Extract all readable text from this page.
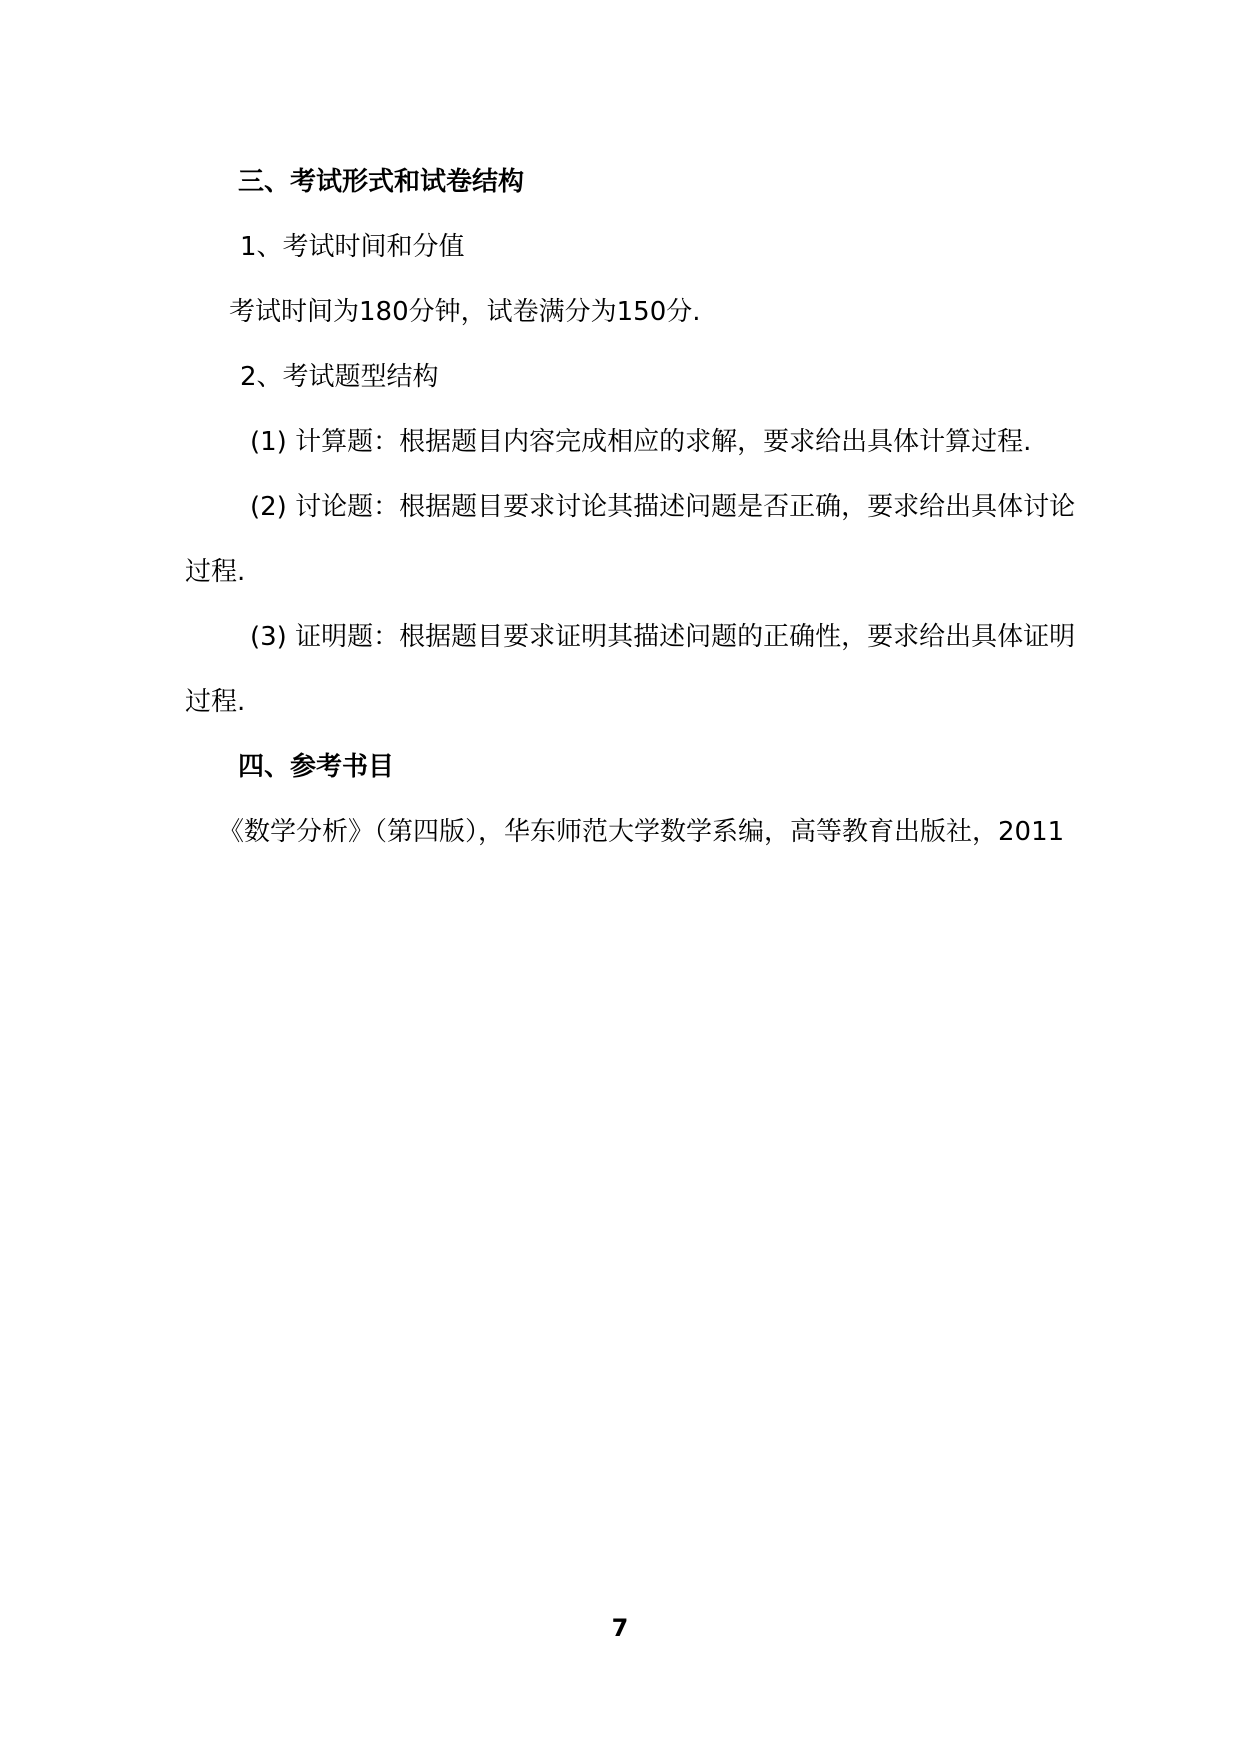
三、考试形式和试卷结构
1、考试时间和分值
考试时间为180分钟，试卷满分为150分.
2、考试题型结构
(1) 计算题：根据题目内容完成相应的求解，要求给出具体计算过程.
(2) 讨论题：根据题目要求讨论其描述问题是否正确，要求给出具体讨论
过程.
(3) 证明题：根据题目要求证明其描述问题的正确性，要求给出具体证明
过程.
四、参考书目
《数学分析》（第四版），华东师范大学数学系编，高等教育出版社，2011
7
